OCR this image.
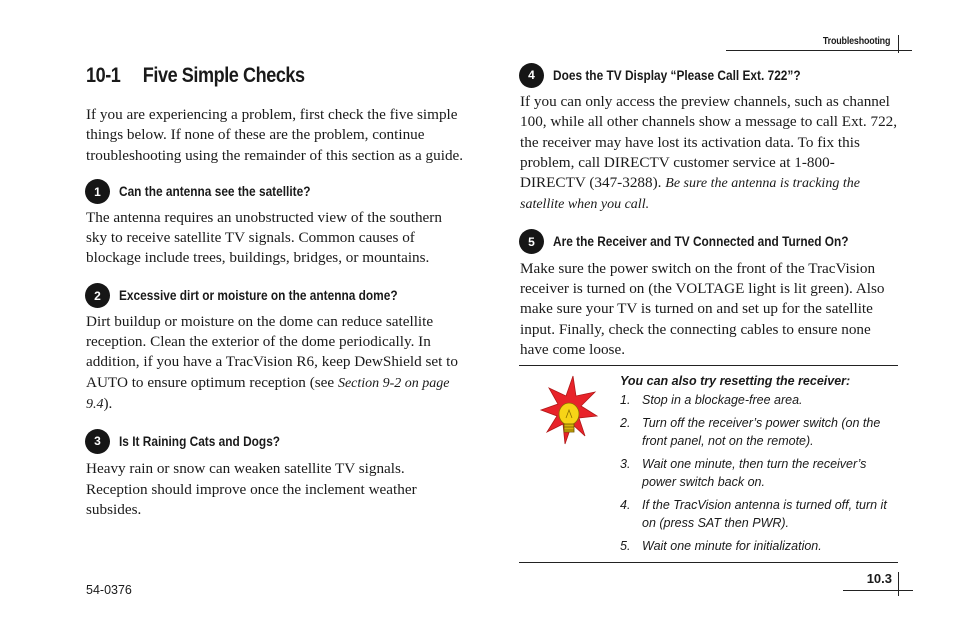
Troubleshooting
10-1 Five Simple Checks

If you are experiencing a problem, first check the five simple things below. If none of these are the problem, continue troubleshooting using the remainder of this section as a guide.

1	Can the antenna see the satellite?

The antenna requires an unobstructed view of the southern sky to receive satellite TV signals. Common causes of blockage include trees, buildings, bridges, or mountains.

2	Excessive dirt or moisture on the antenna dome?

Dirt buildup or moisture on the dome can reduce satellite reception. Clean the exterior of the dome periodically. In addition, if you have a TracVision R6, keep DewShield set to AUTO to ensure optimum reception (see Section 9-2 on page 9.4).

3	Is It Raining Cats and Dogs?

Heavy rain or snow can weaken satellite TV signals. Reception should improve once the inclement weather subsides.

4	Does the TV Display “Please Call Ext. 722”?

If you can only access the preview channels, such as channel 100, while all other channels show a message to call Ext. 722, the receiver may have lost its activation data. To fix this problem, call DIRECTV customer service at 1-800-DIRECTV (347-3288). Be sure the antenna is tracking the satellite when you call.

5	Are the Receiver and TV Connected and Turned On?

Make sure the power switch on the front of the TracVision receiver is turned on (the VOLTAGE light is lit green). Also make sure your TV is turned on and set up for the satellite input. Finally, check the connecting cables to ensure none have come loose.

You can also try resetting the receiver:
1. Stop in a blockage-free area.
2. Turn off the receiver’s power switch (on the front panel, not on the remote).
3. Wait one minute, then turn the receiver’s power switch back on.
4. If the TracVision antenna is turned off, turn it on (press SAT then PWR).
5. Wait one minute for initialization.
54-0376
10.3
